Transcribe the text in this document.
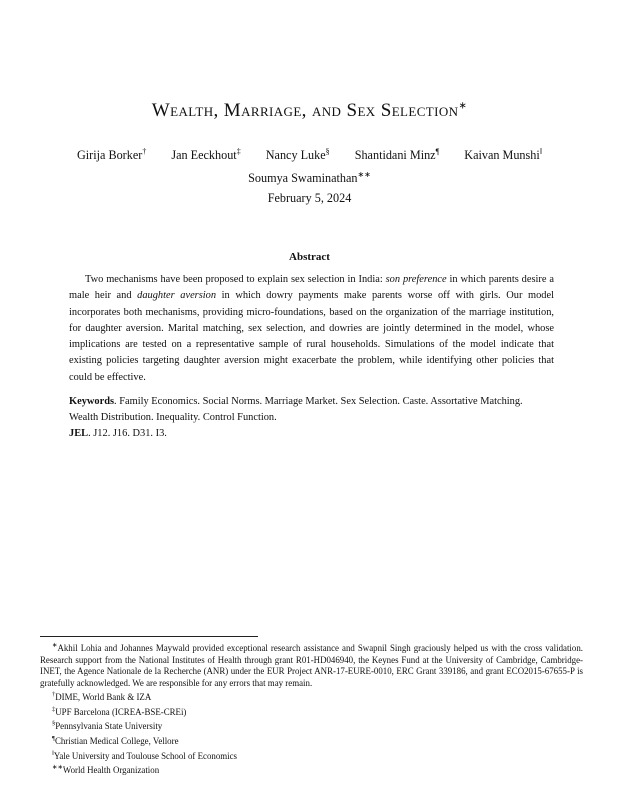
Wealth, Marriage, and Sex Selection∗
Girija Borker† Jan Eeckhout‡ Nancy Luke§ Shantidani Minz¶ Kaivan Munshi‖
Soumya Swaminathan∗∗
February 5, 2024
Abstract

Two mechanisms have been proposed to explain sex selection in India: son preference in which parents desire a male heir and daughter aversion in which dowry payments make parents worse off with girls. Our model incorporates both mechanisms, providing micro-foundations, based on the organization of the marriage institution, for daughter aversion. Marital matching, sex selection, and dowries are jointly determined in the model, whose implications are tested on a representative sample of rural households. Simulations of the model indicate that existing policies targeting daughter aversion might exacerbate the problem, while identifying other policies that could be effective.

Keywords. Family Economics. Social Norms. Marriage Market. Sex Selection. Caste. Assortative Matching. Wealth Distribution. Inequality. Control Function.

JEL. J12. J16. D31. I3.

∗Akhil Lohia and Johannes Maywald provided exceptional research assistance and Swapnil Singh graciously helped us with the cross validation. Research support from the National Institutes of Health through grant R01-HD046940, the Keynes Fund at the University of Cambridge, Cambridge-INET, the Agence Nationale de la Recherche (ANR) under the EUR Project ANR-17-EURE-0010, ERC Grant 339186, and grant ECO2015-67655-P is gratefully acknowledged. We are responsible for any errors that may remain.

†DIME, World Bank & IZA

‡UPF Barcelona (ICREA-BSE-CREi)

§Pennsylvania State University

¶Christian Medical College, Vellore

‖Yale University and Toulouse School of Economics

∗∗World Health Organization
